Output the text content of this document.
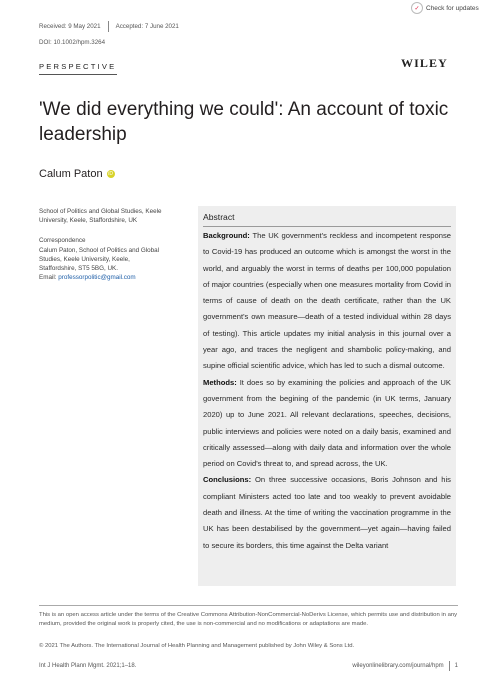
Received: 9 May 2021 Accepted: 7 June 2021
DOI: 10.1002/hpm.3264
✓ Check for updates
PERSPECTIVE	WILEY
'We did everything we could': An account of toxic leadership
Calum Paton	iD
School of Politics and Global Studies, Keele University, Keele, Staffordshire, UK
Correspondence
Calum Paton, School of Politics and Global
Studies, Keele University, Keele,
Staffordshire, ST5 5BG, UK.
Email: professorpolitic@gmail.com
Abstract

Background: The UK government's reckless and incompetent response to Covid-19 has produced an outcome which is amongst the worst in the world, and arguably the worst in terms of deaths per 100,000 population of major countries (especially when one measures mortality from Covid in terms of cause of death on the death certificate, rather than the UK government's own measure—death of a tested individual within 28 days of testing). This article updates my initial analysis in this journal over a year ago, and traces the negligent and shambolic policy-making, and supine official scientific advice, which has led to such a dismal outcome.

Methods: It does so by examining the policies and approach of the UK government from the begining of the pandemic (in UK terms, January 2020) up to June 2021. All relevant declarations, speeches, decisions, public interviews and policies were noted on a daily basis, examined and critically assessed—along with daily data and information over the whole period on Covid's threat to, and spread across, the UK.

Conclusions: On three successive occasions, Boris Johnson and his compliant Ministers acted too late and too weakly to prevent avoidable death and illness. At the time of writing the vaccination programme in the UK has been destabilised by the government—yet again—having failed to secure its borders, this time against the Delta variant

This is an open access article under the terms of the Creative Commons Attribution-NonCommercial-NoDerivs License, which permits use and distribution in any medium, provided the original work is properly cited, the use is non-commercial and no modifications or adaptations are made.
© 2021 The Authors. The International Journal of Health Planning and Management published by John Wiley & Sons Ltd.
Int J Health Plann Mgmt. 2021;1–18.	wileyonlinelibrary.com/journal/hpm 1
